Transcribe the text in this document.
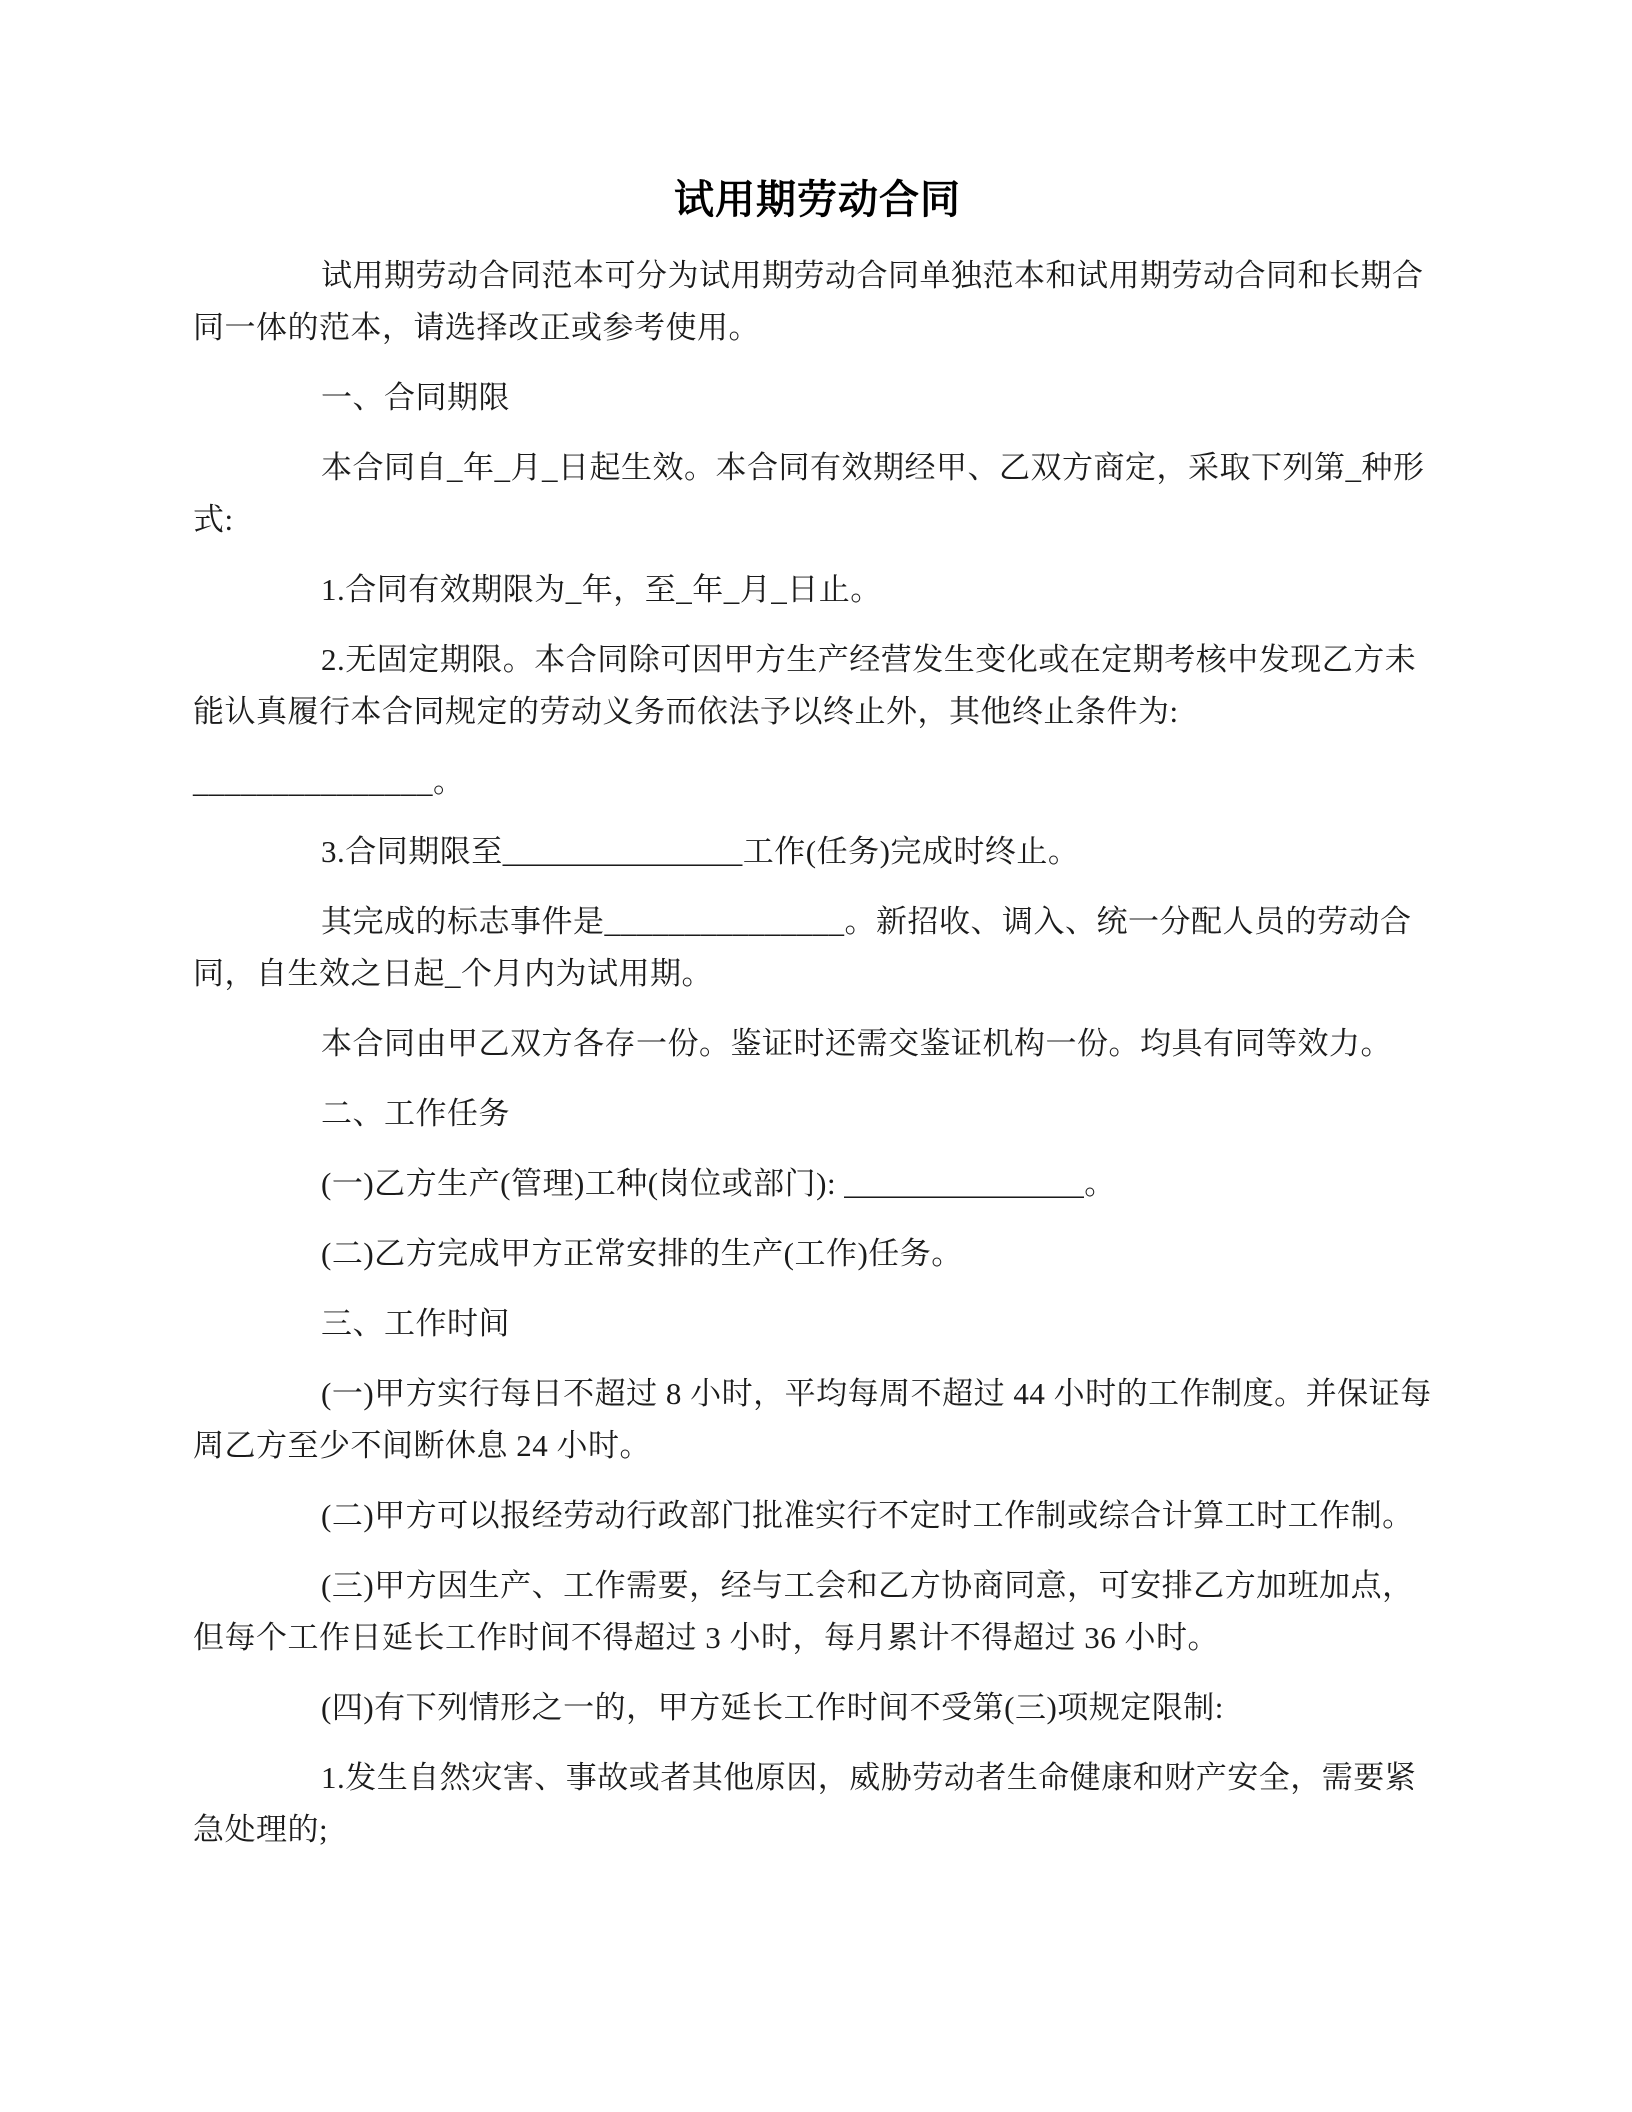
试用期劳动合同

试用期劳动合同范本可分为试用期劳动合同单独范本和试用期劳动合同和长期合同一体的范本，请选择改正或参考使用。

一、合同期限

本合同自_年_月_日起生效。本合同有效期经甲、乙双方商定，采取下列第_种形式:

1.合同有效期限为_年，至_年_月_日止。

2.无固定期限。本合同除可因甲方生产经营发生变化或在定期考核中发现乙方未能认真履行本合同规定的劳动义务而依法予以终止外，其他终止条件为:

_______________。

3.合同期限至_______________工作(任务)完成时终止。

其完成的标志事件是_______________。新招收、调入、统一分配人员的劳动合同，自生效之日起_个月内为试用期。

本合同由甲乙双方各存一份。鉴证时还需交鉴证机构一份。均具有同等效力。

二、工作任务

(一)乙方生产(管理)工种(岗位或部门): _______________。

(二)乙方完成甲方正常安排的生产(工作)任务。

三、工作时间

(一)甲方实行每日不超过 8 小时，平均每周不超过 44 小时的工作制度。并保证每周乙方至少不间断休息 24 小时。

(二)甲方可以报经劳动行政部门批准实行不定时工作制或综合计算工时工作制。

(三)甲方因生产、工作需要，经与工会和乙方协商同意，可安排乙方加班加点，但每个工作日延长工作时间不得超过 3 小时，每月累计不得超过 36 小时。

(四)有下列情形之一的，甲方延长工作时间不受第(三)项规定限制:

1.发生自然灾害、事故或者其他原因，威胁劳动者生命健康和财产安全，需要紧急处理的;
